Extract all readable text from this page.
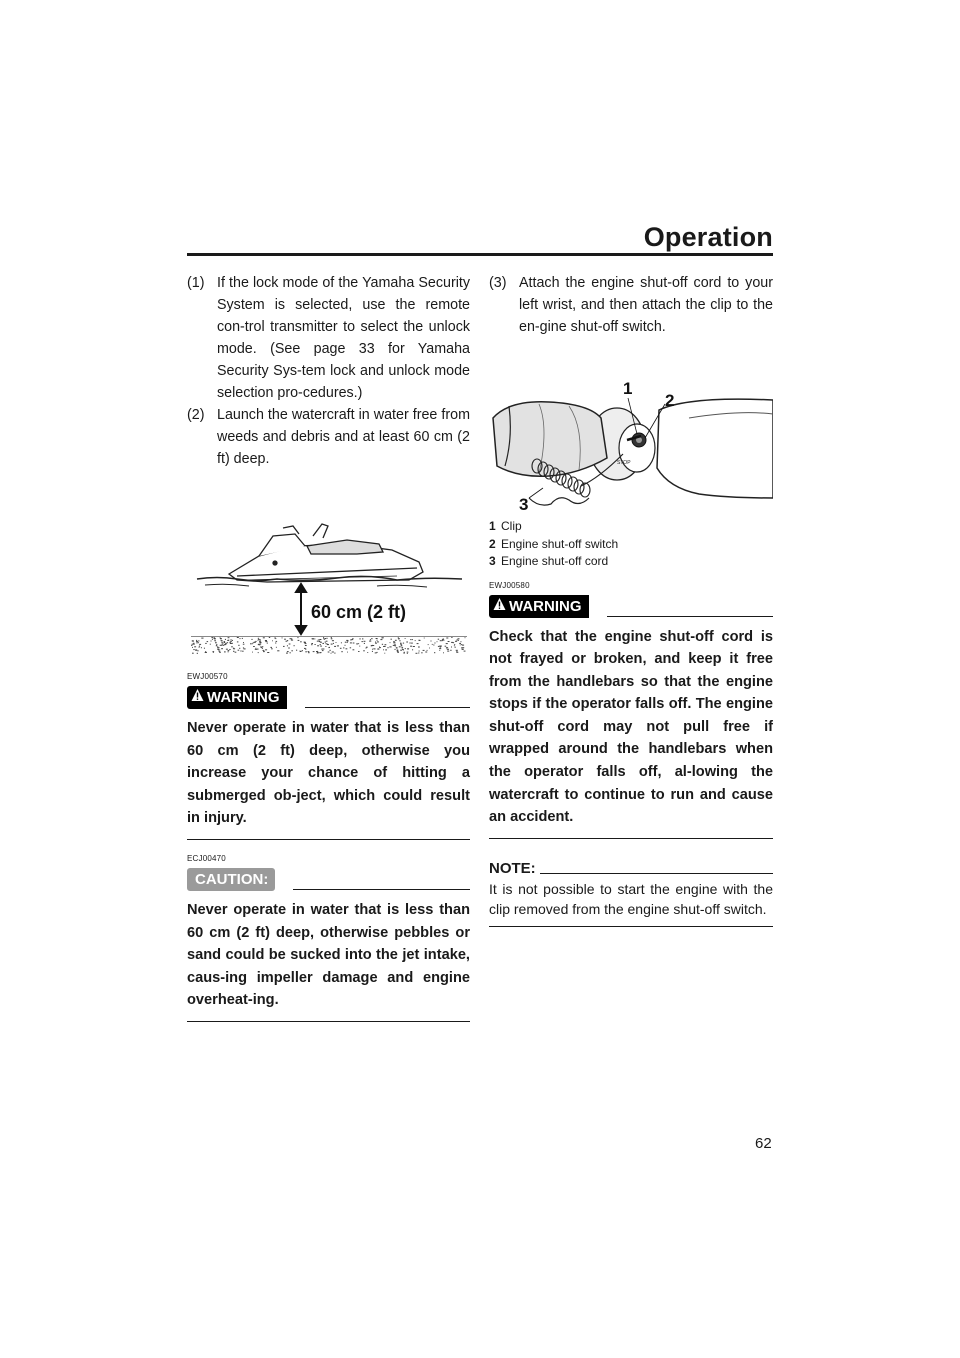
Operation
(1) If the lock mode of the Yamaha Security System is selected, use the remote con-trol transmitter to select the unlock mode. (See page 33 for Yamaha Security Sys-tem lock and unlock mode selection pro-cedures.)
(2) Launch the watercraft in water free from weeds and debris and at least 60 cm (2 ft) deep.
60 cm (2 ft)
EWJ00570
WARNING
Never operate in water that is less than 60 cm (2 ft) deep, otherwise you increase your chance of hitting a submerged ob-ject, which could result in injury.
ECJ00470
CAUTION:
Never operate in water that is less than 60 cm (2 ft) deep, otherwise pebbles or sand could be sucked into the jet intake, caus-ing impeller damage and engine overheat-ing.
(3) Attach the engine shut-off cord to your left wrist, and then attach the clip to the en-gine shut-off switch.
STOP
1
2
3
1 Clip
2 Engine shut-off switch
3 Engine shut-off cord
EWJ00580
WARNING
Check that the engine shut-off cord is not frayed or broken, and keep it free from the handlebars so that the engine stops if the operator falls off. The engine shut-off cord may not pull free if wrapped around the handlebars when the operator falls off, al-lowing the watercraft to continue to run and cause an accident.
NOTE:
It is not possible to start the engine with the clip removed from the engine shut-off switch.
62
